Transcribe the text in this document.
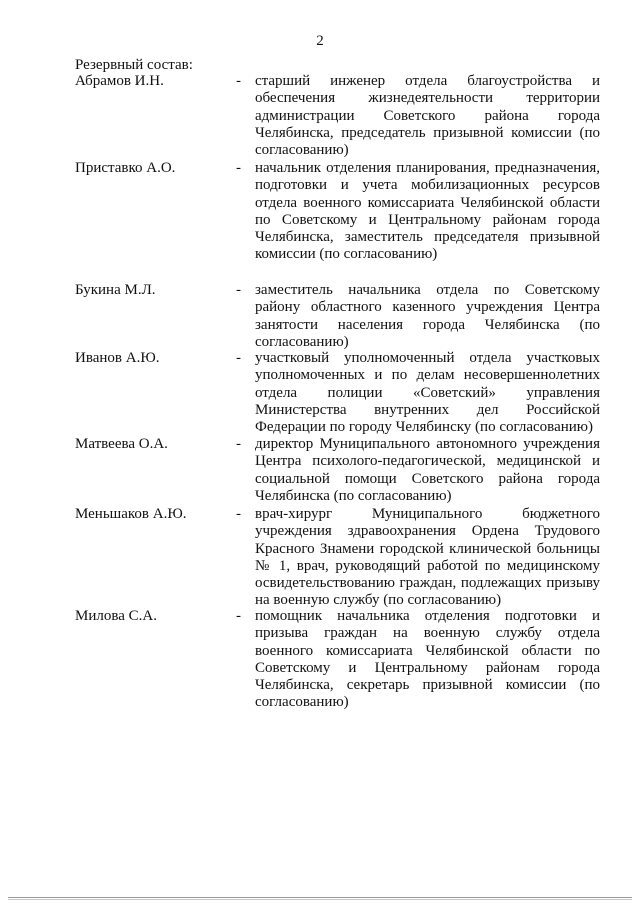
2
Резервный состав:
Абрамов И.Н.	- старший инженер отдела благоустройства и обеспечения жизнедеятельности территории администрации Советского района города Челябинска, председатель призывной комиссии (по согласованию)
Приставко А.О.	- начальник отделения планирования, предназначения, подготовки и учета мобилизационных ресурсов отдела военного комиссариата Челябинской области по Советскому и Центральному районам города Челябинска, заместитель председателя призывной комиссии (по согласованию)
Букина М.Л.	- заместитель начальника отдела по Советскому району областного казенного учреждения Центра занятости населения города Челябинска (по согласованию)
Иванов А.Ю.	- участковый уполномоченный отдела участковых уполномоченных и по делам несовершеннолетних отдела полиции «Советский» управления Министерства внутренних дел Российской Федерации по городу Челябинску (по согласованию)
Матвеева О.А.	- директор Муниципального автономного учреждения Центра психолого-педагогической, медицинской и социальной помощи Советского района города Челябинска (по согласованию)
Меньшаков А.Ю.	- врач-хирург Муниципального бюджетного учреждения здравоохранения Ордена Трудового Красного Знамени городской клинической больницы № 1, врач, руководящий работой по медицинскому освидетельствованию граждан, подлежащих призыву на военную службу (по согласованию)
Милова С.А.	- помощник начальника отделения подготовки и призыва граждан на военную службу отдела военного комиссариата Челябинской области по Советскому и Центральному районам города Челябинска, секретарь призывной комиссии (по согласованию)
